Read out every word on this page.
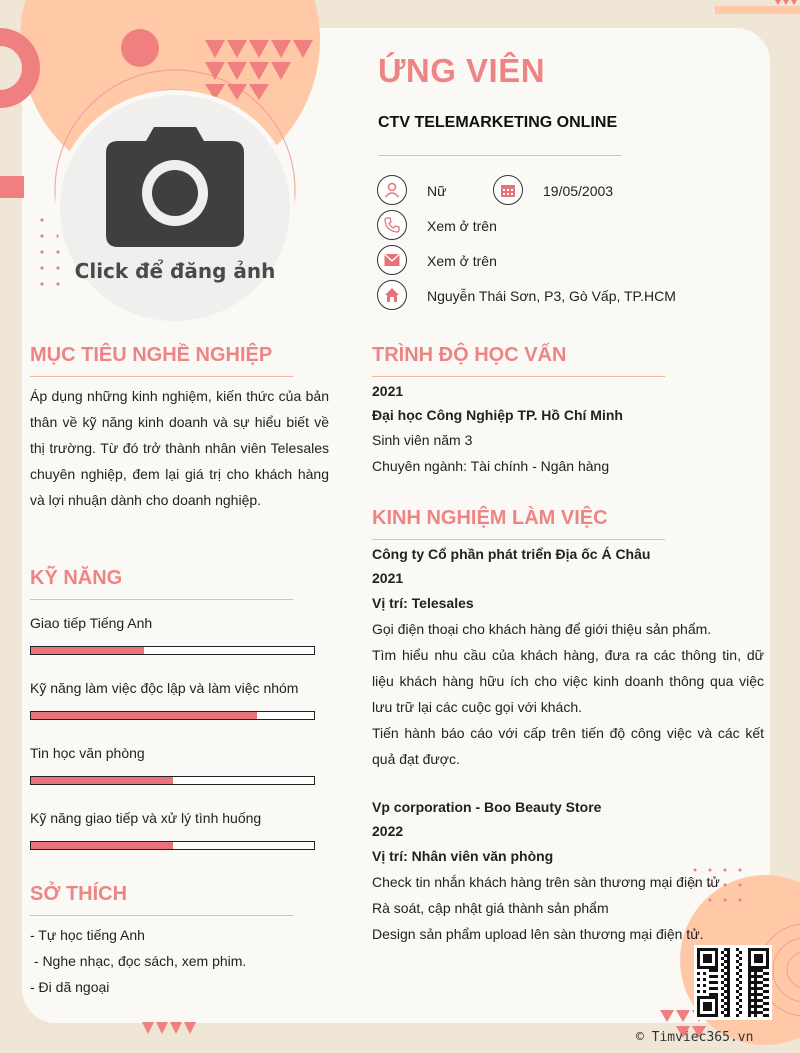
Click để đăng ảnh
ỨNG VIÊN
CTV TELEMARKETING ONLINE
Nữ	19/05/2003
Xem ở trên
Xem ở trên
Nguyễn Thái Sơn, P3, Gò Vấp, TP.HCM
MỤC TIÊU NGHỀ NGHIỆP
Áp dụng những kinh nghiệm, kiến thức của bản thân về kỹ năng kinh doanh và sự hiểu biết về thị trường. Từ đó trở thành nhân viên Telesales chuyên nghiệp, đem lại giá trị cho khách hàng và lợi nhuận dành cho doanh nghiệp.
KỸ NĂNG
Giao tiếp Tiếng Anh
Kỹ năng làm việc độc lập và làm việc nhóm
Tin học văn phòng
Kỹ năng giao tiếp và xử lý tình huống
SỞ THÍCH
- Tự học tiếng Anh
- Nghe nhạc, đọc sách, xem phim.
- Đi dã ngoại
TRÌNH ĐỘ HỌC VẤN
2021
Đại học Công Nghiệp TP. Hồ Chí Minh
Sinh viên năm 3
Chuyên ngành: Tài chính - Ngân hàng
KINH NGHIỆM LÀM VIỆC
Công ty Cổ phần phát triển Địa ốc Á Châu
2021
Vị trí: Telesales
Gọi điện thoại cho khách hàng để giới thiệu sản phẩm.
Tìm hiểu nhu cầu của khách hàng, đưa ra các thông tin, dữ liệu khách hàng hữu ích cho việc kinh doanh thông qua việc lưu trữ lại các cuộc gọi với khách.
Tiến hành báo cáo với cấp trên tiến độ công việc và các kết quả đạt được.
Vp corporation - Boo Beauty Store
2022
Vị trí: Nhân viên văn phòng
Check tin nhắn khách hàng trên sàn thương mại điện tử
Rà soát, cập nhật giá thành sản phẩm
Design sản phẩm upload lên sàn thương mại điện tử.
© Timviec365.vn
